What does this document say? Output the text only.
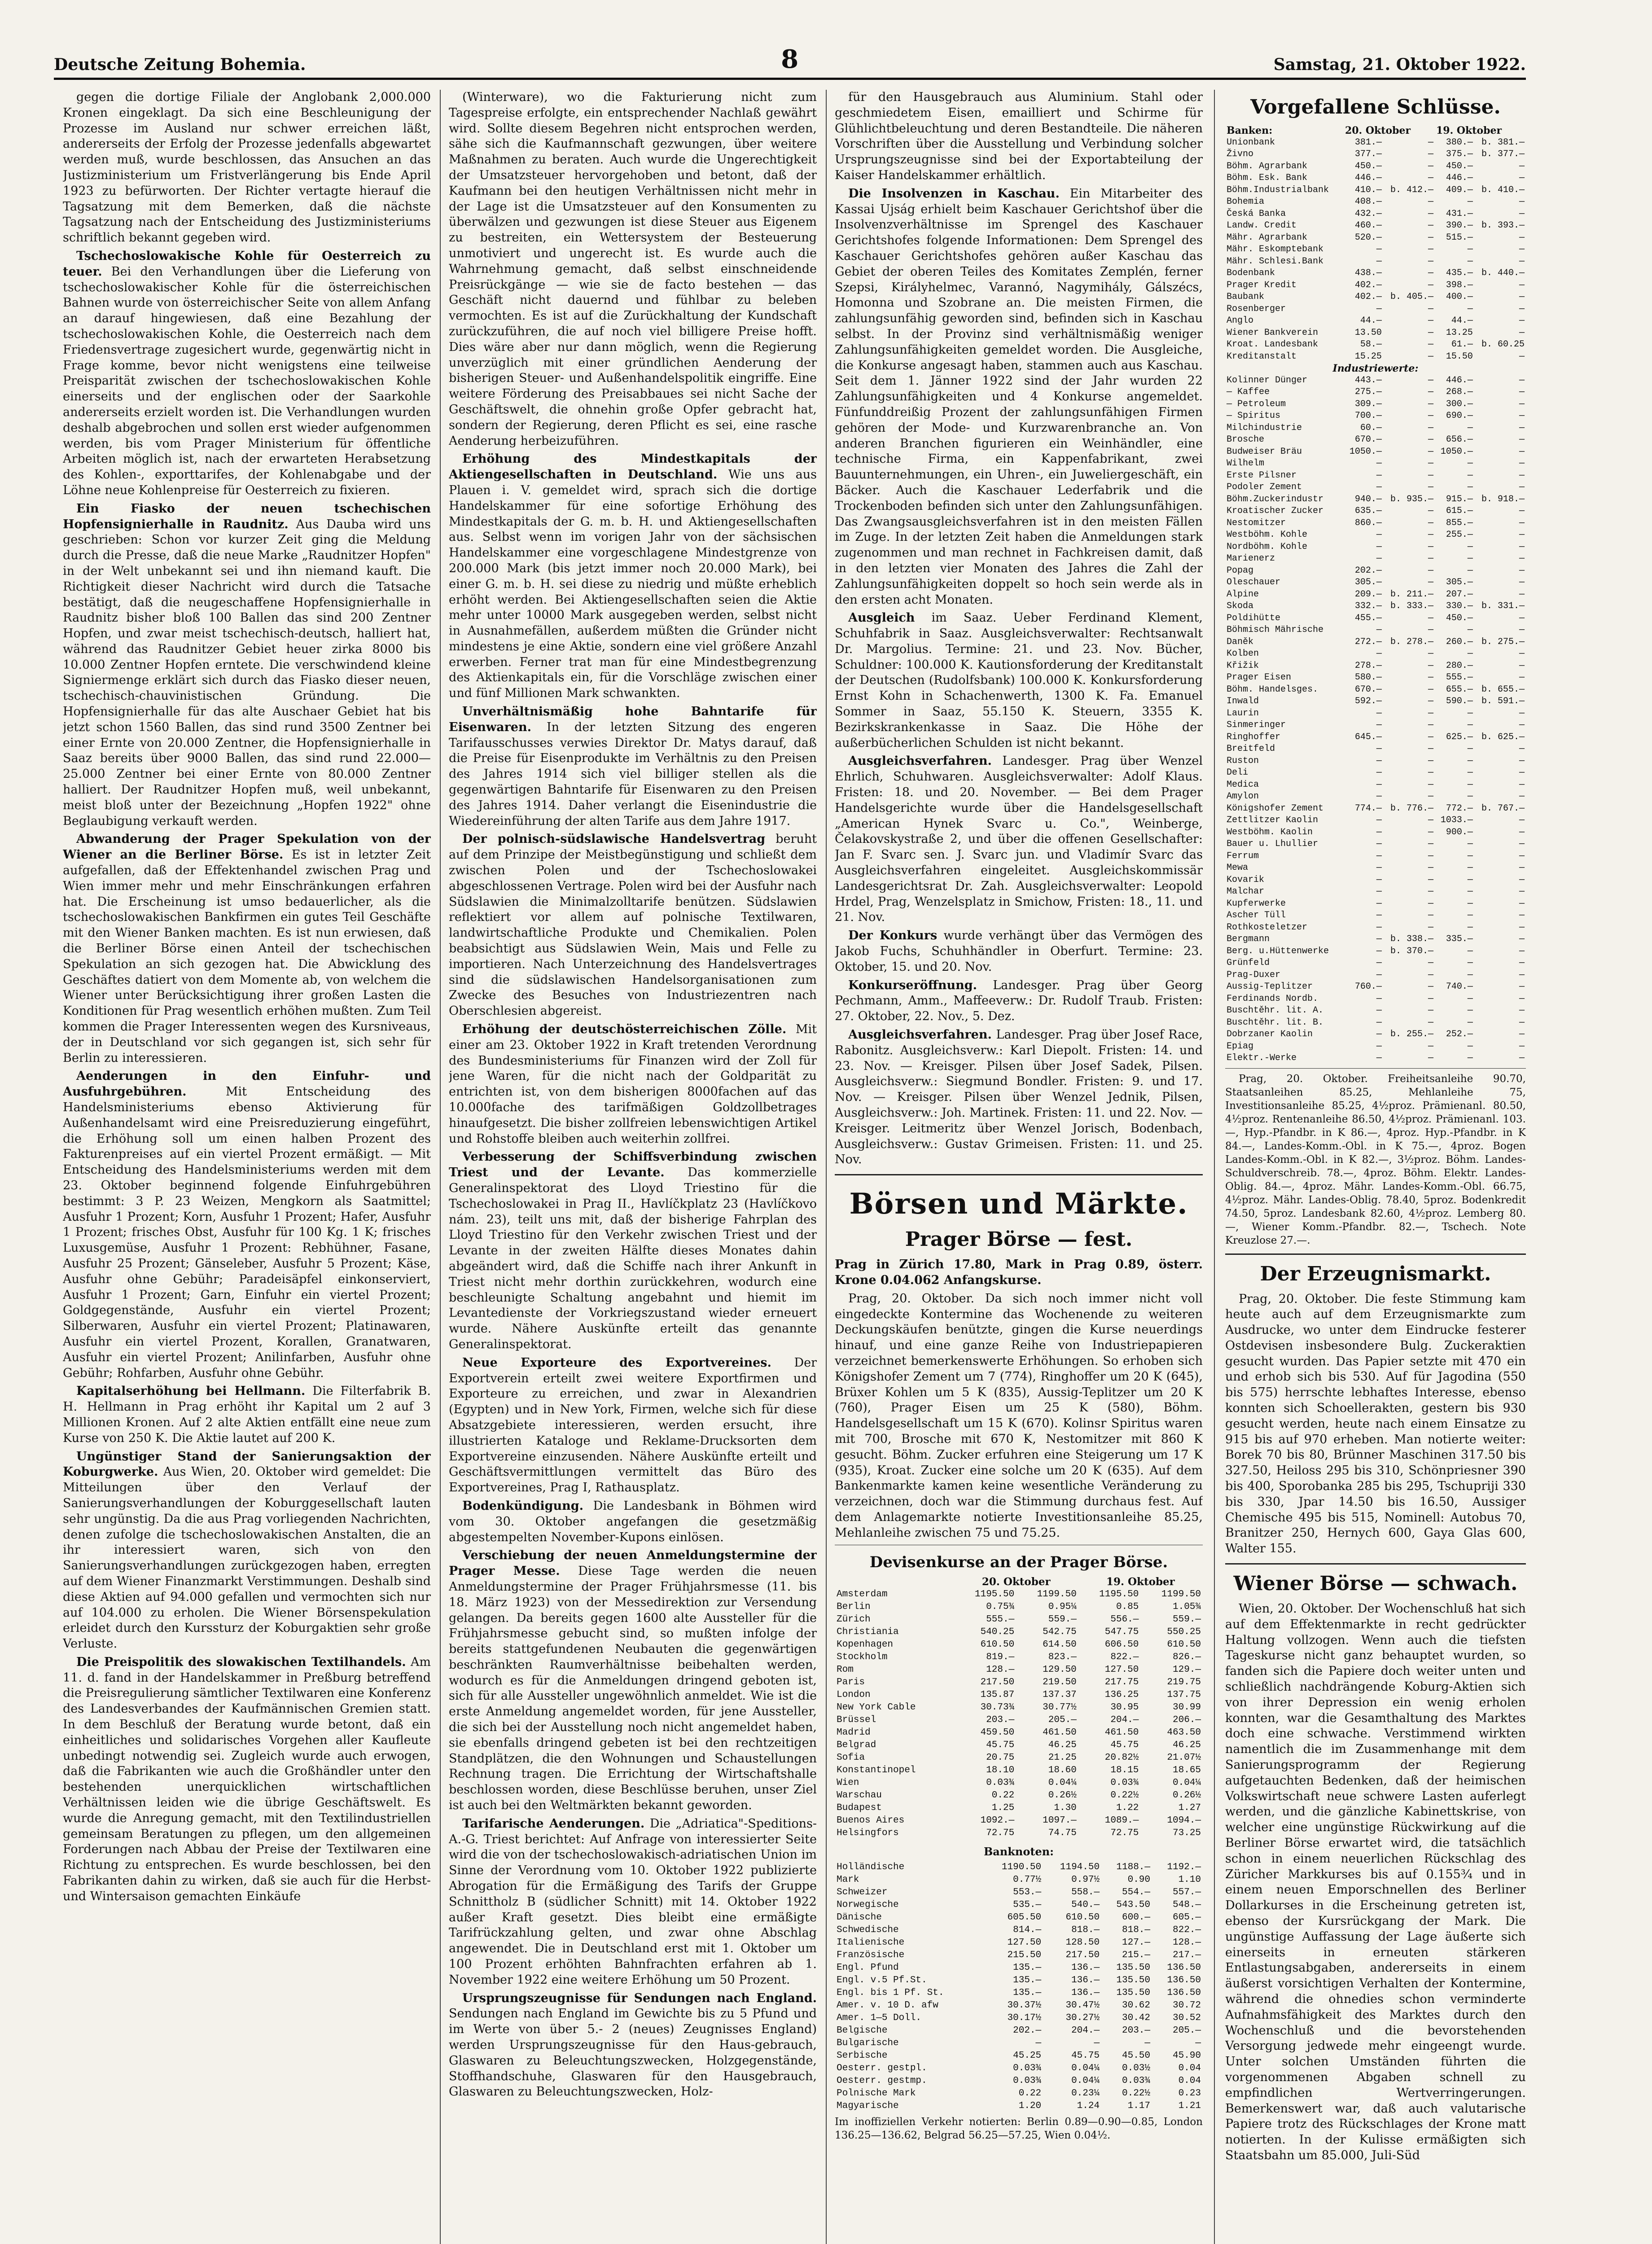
Deutsche Zeitung Bohemia.	8	Samstag, 21. Oktober 1922.

gegen die dortige Filiale der Anglobank 2,000.000 Kronen eingeklagt. Da sich eine Beschleunigung der Prozesse im Ausland nur schwer erreichen läßt, andererseits der Erfolg der Prozesse jedenfalls abgewartet werden muß, wurde beschlossen, das Ansuchen an das Justizministerium um Fristverlängerung bis Ende April 1923 zu befürworten. Der Richter vertagte hierauf die Tagsatzung mit dem Bemerken, daß die nächste Tagsatzung nach der Entscheidung des Justizministeriums schriftlich bekannt gegeben wird.

Tschechoslowakische Kohle für Oesterreich zu teuer. Bei den Verhandlungen über die Lieferung von tschechoslowakischer Kohle für die österreichischen Bahnen wurde von österreichischer Seite von allem Anfang an darauf hingewiesen, daß eine Bezahlung der tschechoslowakischen Kohle, die Oesterreich nach dem Friedensvertrage zugesichert wurde, gegenwärtig nicht in Frage komme, bevor nicht wenigstens eine teilweise Preisparität zwischen der tschechoslowakischen Kohle einerseits und der englischen oder der Saarkohle andererseits erzielt worden ist. Die Verhandlungen wurden deshalb abgebrochen und sollen erst wieder aufgenommen werden, bis vom Prager Ministerium für öffentliche Arbeiten möglich ist, nach der erwarteten Herabsetzung des Kohlen-, exporttarifes, der Kohlenabgabe und der Löhne neue Kohlenpreise für Oesterreich zu fixieren.

Ein Fiasko der neuen tschechischen Hopfensignierhalle in Raudnitz. Aus Dauba wird uns geschrieben: Schon vor kurzer Zeit ging die Meldung durch die Presse, daß die neue Marke „Raudnitzer Hopfen" in der Welt unbekannt sei und ihn niemand kauft. Die Richtigkeit dieser Nachricht wird durch die Tatsache bestätigt, daß die neugeschaffene Hopfensignierhalle in Raudnitz bisher bloß 100 Ballen das sind 200 Zentner Hopfen, und zwar meist tschechisch-deutsch, halliert hat, während das Raudnitzer Gebiet heuer zirka 8000 bis 10.000 Zentner Hopfen erntete. Die verschwindend kleine Signiermenge erklärt sich durch das Fiasko dieser neuen, tschechisch-chauvinistischen Gründung. Die Hopfensignierhalle für das alte Auschaer Gebiet hat bis jetzt schon 1560 Ballen, das sind rund 3500 Zentner bei einer Ernte von 20.000 Zentner, die Hopfensignierhalle in Saaz bereits über 9000 Ballen, das sind rund 22.000—25.000 Zentner bei einer Ernte von 80.000 Zentner halliert. Der Raudnitzer Hopfen muß, weil unbekannt, meist bloß unter der Bezeichnung „Hopfen 1922" ohne Beglaubigung verkauft werden.

Abwanderung der Prager Spekulation von der Wiener an die Berliner Börse. Es ist in letzter Zeit aufgefallen, daß der Effektenhandel zwischen Prag und Wien immer mehr und mehr Einschränkungen erfahren hat. Die Erscheinung ist umso bedauerlicher, als die tschechoslowakischen Bankfirmen ein gutes Teil Geschäfte mit den Wiener Banken machten. Es ist nun erwiesen, daß die Berliner Börse einen Anteil der tschechischen Spekulation an sich gezogen hat. Die Abwicklung des Geschäftes datiert von dem Momente ab, von welchem die Wiener unter Berücksichtigung ihrer großen Lasten die Konditionen für Prag wesentlich erhöhen mußten. Zum Teil kommen die Prager Interessenten wegen des Kursniveaus, der in Deutschland vor sich gegangen ist, sich sehr für Berlin zu interessieren.

Aenderungen in den Einfuhr- und Ausfuhrgebühren. Mit Entscheidung des Handelsministeriums ebenso Aktivierung für Außenhandelsamt wird eine Preisreduzierung eingeführt, die Erhöhung soll um einen halben Prozent des Fakturenpreises auf ein viertel Prozent ermäßigt. — Mit Entscheidung des Handelsministeriums werden mit dem 23. Oktober beginnend folgende Einfuhrgebühren bestimmt: 3 P. 23 Weizen, Mengkorn als Saatmittel; Ausfuhr 1 Prozent; Korn, Ausfuhr 1 Prozent; Hafer, Ausfuhr 1 Prozent; frisches Obst, Ausfuhr für 100 Kg. 1 K; frisches Luxusgemüse, Ausfuhr 1 Prozent: Rebhühner, Fasane, Ausfuhr 25 Prozent; Gänseleber, Ausfuhr 5 Prozent; Käse, Ausfuhr ohne Gebühr; Paradeisäpfel einkonserviert, Ausfuhr 1 Prozent; Garn, Einfuhr ein viertel Prozent; Goldgegenstände, Ausfuhr ein viertel Prozent; Silberwaren, Ausfuhr ein viertel Prozent; Platinawaren, Ausfuhr ein viertel Prozent, Korallen, Granatwaren, Ausfuhr ein viertel Prozent; Anilinfarben, Ausfuhr ohne Gebühr; Rohfarben, Ausfuhr ohne Gebühr.

Kapitalserhöhung bei Hellmann. Die Filterfabrik B. H. Hellmann in Prag erhöht ihr Kapital um 2 auf 3 Millionen Kronen. Auf 2 alte Aktien entfällt eine neue zum Kurse von 250 K. Die Aktie lautet auf 200 K.

Ungünstiger Stand der Sanierungsaktion der Koburgwerke. Aus Wien, 20. Oktober wird gemeldet: Die Mitteilungen über den Verlauf der Sanierungsverhandlungen der Koburggesellschaft lauten sehr ungünstig. Da die aus Prag vorliegenden Nachrichten, denen zufolge die tschechoslowakischen Anstalten, die an ihr interessiert waren, sich von den Sanierungsverhandlungen zurückgezogen haben, erregten auf dem Wiener Finanzmarkt Verstimmungen. Deshalb sind diese Aktien auf 94.000 gefallen und vermochten sich nur auf 104.000 zu erholen. Die Wiener Börsenspekulation erleidet durch den Kurssturz der Koburgaktien sehr große Verluste.

Die Preispolitik des slowakischen Textilhandels. Am 11. d. fand in der Handelskammer in Preßburg betreffend die Preisregulierung sämtlicher Textilwaren eine Konferenz des Landesverbandes der Kaufmännischen Gremien statt. In dem Beschluß der Beratung wurde betont, daß ein einheitliches und solidarisches Vorgehen aller Kaufleute unbedingt notwendig sei. Zugleich wurde auch erwogen, daß die Fabrikanten wie auch die Großhändler unter den bestehenden unerquicklichen wirtschaftlichen Verhältnissen leiden wie die übrige Geschäftswelt. Es wurde die Anregung gemacht, mit den Textilindustriellen gemeinsam Beratungen zu pflegen, um den allgemeinen Forderungen nach Abbau der Preise der Textilwaren eine Richtung zu entsprechen. Es wurde beschlossen, bei den Fabrikanten dahin zu wirken, daß sie auch für die Herbst- und Wintersaison gemachten Einkäufe

(Winterware), wo die Fakturierung nicht zum Tagespreise erfolgte, ein entsprechender Nachlaß gewährt wird. Sollte diesem Begehren nicht entsprochen werden, sähe sich die Kaufmannschaft gezwungen, über weitere Maßnahmen zu beraten. Auch wurde die Ungerechtigkeit der Umsatzsteuer hervorgehoben und betont, daß der Kaufmann bei den heutigen Verhältnissen nicht mehr in der Lage ist die Umsatzsteuer auf den Konsumenten zu überwälzen und gezwungen ist diese Steuer aus Eigenem zu bestreiten, ein Wettersystem der Besteuerung unmotiviert und ungerecht ist. Es wurde auch die Wahrnehmung gemacht, daß selbst einschneidende Preisrückgänge — wie sie de facto bestehen — das Geschäft nicht dauernd und fühlbar zu beleben vermochten. Es ist auf die Zurückhaltung der Kundschaft zurückzuführen, die auf noch viel billigere Preise hofft. Dies wäre aber nur dann möglich, wenn die Regierung unverzüglich mit einer gründlichen Aenderung der bisherigen Steuer- und Außenhandelspolitik eingriffe. Eine weitere Förderung des Preisabbaues sei nicht Sache der Geschäftswelt, die ohnehin große Opfer gebracht hat, sondern der Regierung, deren Pflicht es sei, eine rasche Aenderung herbeizuführen.

Erhöhung des Mindestkapitals der Aktiengesellschaften in Deutschland. Wie uns aus Plauen i. V. gemeldet wird, sprach sich die dortige Handelskammer für eine sofortige Erhöhung des Mindestkapitals der G. m. b. H. und Aktiengesellschaften aus. Selbst wenn im vorigen Jahr von der sächsischen Handelskammer eine vorgeschlagene Mindestgrenze von 200.000 Mark (bis jetzt immer noch 20.000 Mark), bei einer G. m. b. H. sei diese zu niedrig und müßte erheblich erhöht werden. Bei Aktiengesellschaften seien die Aktie mehr unter 10000 Mark ausgegeben werden, selbst nicht in Ausnahmefällen, außerdem müßten die Gründer nicht mindestens je eine Aktie, sondern eine viel größere Anzahl erwerben. Ferner trat man für eine Mindestbegrenzung des Aktienkapitals ein, für die Vorschläge zwischen einer und fünf Millionen Mark schwankten.

Unverhältnismäßig hohe Bahntarife für Eisenwaren. In der letzten Sitzung des engeren Tarifausschusses verwies Direktor Dr. Matys darauf, daß die Preise für Eisenprodukte im Verhältnis zu den Preisen des Jahres 1914 sich viel billiger stellen als die gegenwärtigen Bahntarife für Eisenwaren zu den Preisen des Jahres 1914. Daher verlangt die Eisenindustrie die Wiedereinführung der alten Tarife aus dem Jahre 1917.

Der polnisch-südslawische Handelsvertrag beruht auf dem Prinzipe der Meistbegünstigung und schließt dem zwischen Polen und der Tschechoslowakei abgeschlossenen Vertrage. Polen wird bei der Ausfuhr nach Südslawien die Minimalzolltarife benützen. Südslawien reflektiert vor allem auf polnische Textilwaren, landwirtschaftliche Produkte und Chemikalien. Polen beabsichtigt aus Südslawien Wein, Mais und Felle zu importieren. Nach Unterzeichnung des Handelsvertrages sind die südslawischen Handelsorganisationen zum Zwecke des Besuches von Industriezentren nach Oberschlesien abgereist.

Erhöhung der deutschösterreichischen Zölle. Mit einer am 23. Oktober 1922 in Kraft tretenden Verordnung des Bundesministeriums für Finanzen wird der Zoll für jene Waren, für die nicht nach der Goldparität zu entrichten ist, von dem bisherigen 8000fachen auf das 10.000fache des tarifmäßigen Goldzollbetrages hinaufgesetzt. Die bisher zollfreien lebenswichtigen Artikel und Rohstoffe bleiben auch weiterhin zollfrei.

Verbesserung der Schiffsverbindung zwischen Triest und der Levante. Das kommerzielle Generalinspektorat des Lloyd Triestino für die Tschechoslowakei in Prag II., Havlíčkplatz 23 (Havlíčkovo nám. 23), teilt uns mit, daß der bisherige Fahrplan des Lloyd Triestino für den Verkehr zwischen Triest und der Levante in der zweiten Hälfte dieses Monates dahin abgeändert wird, daß die Schiffe nach ihrer Ankunft in Triest nicht mehr dorthin zurückkehren, wodurch eine beschleunigte Schaltung angebahnt und hiemit im Levantedienste der Vorkriegszustand wieder erneuert wurde. Nähere Auskünfte erteilt das genannte Generalinspektorat.

Neue Exporteure des Exportvereines. Der Exportverein erteilt zwei weitere Exportfirmen und Exporteure zu erreichen, und zwar in Alexandrien (Egypten) und in New York, Firmen, welche sich für diese Absatzgebiete interessieren, werden ersucht, ihre illustrierten Kataloge und Reklame-Drucksorten dem Exportvereine einzusenden. Nähere Auskünfte erteilt und Geschäftsvermittlungen vermittelt das Büro des Exportvereines, Prag I, Rathausplatz.

Bodenkündigung. Die Landesbank in Böhmen wird vom 30. Oktober angefangen die gesetzmäßig abgestempelten November-Kupons einlösen.

Verschiebung der neuen Anmeldungstermine der Prager Messe. Diese Tage werden die neuen Anmeldungstermine der Prager Frühjahrsmesse (11. bis 18. März 1923) von der Messedirektion zur Versendung gelangen. Da bereits gegen 1600 alte Aussteller für die Frühjahrsmesse gebucht sind, so mußten infolge der bereits stattgefundenen Neubauten die gegenwärtigen beschränkten Raumverhältnisse beibehalten werden, wodurch es für die Anmeldungen dringend geboten ist, sich für alle Aussteller ungewöhnlich anmeldet. Wie ist die erste Anmeldung angemeldet worden, für jene Aussteller, die sich bei der Ausstellung noch nicht angemeldet haben, sie ebenfalls dringend gebeten ist bei den rechtzeitigen Standplätzen, die den Wohnungen und Schaustellungen Rechnung tragen. Die Errichtung der Wirtschaftshalle beschlossen worden, diese Beschlüsse beruhen, unser Ziel ist auch bei den Weltmärkten bekannt geworden.

Tarifarische Aenderungen. Die „Adriatica"-Speditions-A.-G. Triest berichtet: Auf Anfrage von interessierter Seite wird die von der tschechoslowakisch-adriatischen Union im Sinne der Verordnung vom 10. Oktober 1922 publizierte Abrogation für die Ermäßigung des Tarifs der Gruppe Schnittholz B (südlicher Schnitt) mit 14. Oktober 1922 außer Kraft gesetzt. Dies bleibt eine ermäßigte Tarifrückzahlung gelten, und zwar ohne Abschlag angewendet. Die in Deutschland erst mit 1. Oktober um 100 Prozent erhöhten Bahnfrachten erfahren ab 1. November 1922 eine weitere Erhöhung um 50 Prozent.

Ursprungszeugnisse für Sendungen nach England. Sendungen nach England im Gewichte bis zu 5 Pfund und im Werte von über 5.- 2 (neues) Zeugnisses England) werden Ursprungszeugnisse für den Haus-gebrauch, Glaswaren zu Beleuchtungszwecken, Holzgegenstände, Stoffhandschuhe, Glaswaren für den Hausgebrauch, Glaswaren zu Beleuchtungszwecken, Holz-

für den Hausgebrauch aus Aluminium. Stahl oder geschmiedetem Eisen, emailliert und Schirme für Glühlichtbeleuchtung und deren Bestandteile. Die näheren Vorschriften über die Ausstellung und Verbindung solcher Ursprungszeugnisse sind bei der Exportabteilung der Kaiser Handelskammer erhältlich.

Die Insolvenzen in Kaschau. Ein Mitarbeiter des Kassai Ujság erhielt beim Kaschauer Gerichtshof über die Insolvenzverhältnisse im Sprengel des Kaschauer Gerichtshofes folgende Informationen: Dem Sprengel des Kaschauer Gerichtshofes gehören außer Kaschau das Gebiet der oberen Teiles des Komitates Zemplén, ferner Szepsi, Királyhelmec, Varannó, Nagymihály, Gálszécs, Homonna und Szobrane an. Die meisten Firmen, die zahlungsunfähig geworden sind, befinden sich in Kaschau selbst. In der Provinz sind verhältnismäßig weniger Zahlungsunfähigkeiten gemeldet worden. Die Ausgleiche, die Konkurse angesagt haben, stammen auch aus Kaschau. Seit dem 1. Jänner 1922 sind der Jahr wurden 22 Zahlungsunfähigkeiten und 4 Konkurse angemeldet. Fünfunddreißig Prozent der zahlungsunfähigen Firmen gehören der Mode- und Kurzwarenbranche an. Von anderen Branchen figurieren ein Weinhändler, eine technische Firma, ein Kappenfabrikant, zwei Bauunternehmungen, ein Uhren-, ein Juweliergeschäft, ein Bäcker. Auch die Kaschauer Lederfabrik und die Trockenboden befinden sich unter den Zahlungsunfähigen. Das Zwangsausgleichsverfahren ist in den meisten Fällen im Zuge. In der letzten Zeit haben die Anmeldungen stark zugenommen und man rechnet in Fachkreisen damit, daß in den letzten vier Monaten des Jahres die Zahl der Zahlungsunfähigkeiten doppelt so hoch sein werde als in den ersten acht Monaten.

Ausgleich im Saaz. Ueber Ferdinand Klement, Schuhfabrik in Saaz. Ausgleichsverwalter: Rechtsanwalt Dr. Margolius. Termine: 21. und 23. Nov. Bücher, Schuldner: 100.000 K. Kautionsforderung der Kreditanstalt der Deutschen (Rudolfsbank) 100.000 K. Konkursforderung Ernst Kohn in Schachenwerth, 1300 K. Fa. Emanuel Sommer in Saaz, 55.150 K. Steuern, 3355 K. Bezirkskrankenkasse in Saaz. Die Höhe der außerbücherlichen Schulden ist nicht bekannt.

Ausgleichsverfahren. Landesger. Prag über Wenzel Ehrlich, Schuhwaren. Ausgleichsverwalter: Adolf Klaus. Fristen: 18. und 20. November. — Bei dem Prager Handelsgerichte wurde über die Handelsgesellschaft „American Hynek Svarc u. Co.", Weinberge, Čelakovskystraße 2, und über die offenen Gesellschafter: Jan F. Svarc sen. J. Svarc jun. und Vladimír Svarc das Ausgleichsverfahren eingeleitet. Ausgleichskommissär Landesgerichtsrat Dr. Zah. Ausgleichsverwalter: Leopold Hrdel, Prag, Wenzelsplatz in Smichow, Fristen: 18., 11. und 21. Nov.

Der Konkurs wurde verhängt über das Vermögen des Jakob Fuchs, Schuhhändler in Oberfurt. Termine: 23. Oktober, 15. und 20. Nov.

Konkurseröffnung. Landesger. Prag über Georg Pechmann, Amm., Maffeeverw.: Dr. Rudolf Traub. Fristen: 27. Oktober, 22. Nov., 5. Dez.

Ausgleichsverfahren. Landesger. Prag über Josef Race, Rabonitz. Ausgleichsverw.: Karl Diepolt. Fristen: 14. und 23. Nov. — Kreisger. Pilsen über Josef Sadek, Pilsen. Ausgleichsverw.: Siegmund Bondler. Fristen: 9. und 17. Nov. — Kreisger. Pilsen über Wenzel Jednik, Pilsen, Ausgleichsverw.: Joh. Martinek. Fristen: 11. und 22. Nov. — Kreisger. Leitmeritz über Wenzel Jorisch, Bodenbach, Ausgleichsverw.: Gustav Grimeisen. Fristen: 11. und 25. Nov.

Börsen und Märkte.
Prager Börse — fest.

Prag in Zürich 17.80, Mark in Prag 0.89, österr. Krone 0.04.062 Anfangskurse.

Prag, 20. Oktober. Da sich noch immer nicht voll eingedeckte Kontermine das Wochenende zu weiteren Deckungskäufen benützte, gingen die Kurse neuerdings hinauf, und eine ganze Reihe von Industriepapieren verzeichnet bemerkenswerte Erhöhungen. So erhoben sich Königshofer Zement um 7 (774), Ringhoffer um 20 K (645), Brüxer Kohlen um 5 K (835), Aussig-Teplitzer um 20 K (760), Prager Eisen um 25 K (580), Böhm. Handelsgesellschaft um 15 K (670). Kolinsr Spiritus waren mit 700, Brosche mit 670 K, Nestomitzer mit 860 K gesucht. Böhm. Zucker erfuhren eine Steigerung um 17 K (935), Kroat. Zucker eine solche um 20 K (635). Auf dem Bankenmarkte kamen keine wesentliche Veränderung zu verzeichnen, doch war die Stimmung durchaus fest. Auf dem Anlagemarkte notierte Investitionsanleihe 85.25, Mehlanleihe zwischen 75 und 75.25.

Devisenkurse an der Prager Börse.
	20. Oktober		19. Oktober	
Amsterdam	1195.50	1199.50	1195.50	1199.50
Berlin	0.75¾	0.95¼	0.85	1.05¾
Zürich	555.—	559.—	556.—	559.—
Christiania	540.25	542.75	547.75	550.25
Kopenhagen	610.50	614.50	606.50	610.50
Stockholm	819.—	823.—	822.—	826.—
Rom	128.—	129.50	127.50	129.—
Paris	217.50	219.50	217.75	219.75
London	135.87	137.37	136.25	137.75
New York Cable	30.73¾	30.77½	30.95	30.99
Brüssel	203.—	205.—	204.—	206.—
Madrid	459.50	461.50	461.50	463.50
Belgrad	45.75	46.25	45.75	46.25
Sofia	20.75	21.25	20.82½	21.07½
Konstantinopel	18.10	18.60	18.15	18.65
Wien	0.03¾	0.04¼	0.03¾	0.04¼
Warschau	0.22	0.26½	0.22½	0.26½
Budapest	1.25	1.30	1.22	1.27
Buenos Aires	1092.—	1097.—	1089.—	1094.—
Helsingfors	72.75	74.75	72.75	73.25
Banknoten:
Holländische	1190.50	1194.50	1188.—	1192.—
Mark	0.77½	0.97½	0.90	1.10
Schweizer	553.—	558.—	554.—	557.—
Norwegische	535.—	540.—	543.50	548.—
Dänische	605.50	610.50	600.—	605.—
Schwedische	814.—	818.—	818.—	822.—
Italienische	127.50	128.50	127.—	128.—
Französische	215.50	217.50	215.—	217.—
Engl. Pfund	135.—	136.—	135.50	136.50
Engl. v.5 Pf.St.	135.—	136.—	135.50	136.50
Engl. bis 1 Pf. St.	135.—	136.—	135.50	136.50
Amer. v. 10 D. afw	30.37½	30.47½	30.62	30.72
Amer. 1—5 Doll.	30.17½	30.27½	30.42	30.52
Belgische	202.—	204.—	203.—	205.—
Bulgarische	—	—	—	—
Serbische	45.25	45.75	45.50	45.90
Oesterr. gestpl.	0.03¾	0.04¼	0.03½	0.04
Oesterr. gestmp.	0.03¾	0.04¼	0.03¾	0.04
Polnische Mark	0.22	0.23¼	0.22½	0.23
Magyarische	1.20	1.24	1.17	1.21

Im inoffiziellen Verkehr notierten: Berlin 0.89—0.90—0.85, London 136.25—136.62, Belgrad 56.25—57.25, Wien 0.04½.

Vorgefallene Schlüsse.
Banken:	20. Oktober		19. Oktober	
Unionbank	381.—	—	380.—	b. 381.—
Živno	377.—	—	375.—	b. 377.—
Böhm. Agrarbank	450.—	—	450.—	—
Böhm. Esk. Bank	446.—	—	446.—	—
Böhm.Industrialbank	410.—	b. 412.—	409.—	b. 410.—
Bohemia	408.—	—	—	—
Česká Banka	432.—	—	431.—	—
Landw. Credit	460.—	—	390.—	b. 393.—
Mähr. Agrarbank	520.—	—	515.—	—
Mähr. Eskomptebank	—	—	—	—
Mähr. Schlesi.Bank	—	—	—	—
Bodenbank	438.—	—	435.—	b. 440.—
Prager Kredit	402.—	—	398.—	—
Baubank	402.—	b. 405.—	400.—	—
Rosenberger	—	—	—	—
Anglo	44.—	—	44.—	—
Wiener Bankverein	13.50	—	13.25	—
Kroat. Landesbank	58.—	—	61.—	b. 60.25
Kreditanstalt	15.25	—	15.50	—
Industriewerte:				
Kolinner Dünger	443.—	—	446.—	—
— Kaffee	275.—	—	268.—	—
— Petroleum	309.—	—	300.—	—
— Spiritus	700.—	—	690.—	—
Milchindustrie	60.—	—	—	—
Brosche	670.—	—	656.—	—
Budweiser Bräu	1050.—	—	1050.—	—
Wilhelm	—	—	—	—
Erste Pilsner	—	—	—	—
Podoler Zement	—	—	—	—
Böhm.Zuckerindustr	940.—	b. 935.—	915.—	b. 918.—
Kroatischer Zucker	635.—	—	615.—	—
Nestomitzer	860.—	—	855.—	—
Westböhm. Kohle	—	—	255.—	—
Nordböhm. Kohle	—	—	—	—
Marienerz	—	—	—	—
Popag	202.—	—	—	—
Oleschauer	305.—	—	305.—	—
Alpine	209.—	b. 211.—	207.—	—
Skoda	332.—	b. 333.—	330.—	b. 331.—
Poldihütte	455.—	—	450.—	—
Böhmisch Mährische	—	—	—	—
Daněk	272.—	b. 278.—	260.—	b. 275.—
Kolben	—	—	—	—
Křižik	278.—	—	280.—	—
Prager Eisen	580.—	—	555.—	—
Böhm. Handelsges.	670.—	—	655.—	b. 655.—
Inwald	592.—	—	590.—	b. 591.—
Laurin	—	—	—	—
Sinmeringer	—	—	—	—
Ringhoffer	645.—	—	625.—	b. 625.—
Breitfeld	—	—	—	—
Ruston	—	—	—	—
Deli	—	—	—	—
Medica	—	—	—	—
Amylon	—	—	—	—
Königshofer Zement	774.—	b. 776.—	772.—	b. 767.—
Zettlitzer Kaolin	—	—	1033.—	—
Westböhm. Kaolin	—	—	900.—	—
Bauer u. Lhullier	—	—	—	—
Ferrum	—	—	—	—
Mewa	—	—	—	—
Kovarik	—	—	—	—
Malchar	—	—	—	—
Kupferwerke	—	—	—	—
Ascher Tüll	—	—	—	—
Rothkosteletzer	—	—	—	—
Bergmann	—	b. 338.—	335.—	—
Berg. u.Hüttenwerke	—	b. 370.—	—	—
Grünfeld	—	—	—	—
Prag-Duxer	—	—	—	—
Aussig-Teplitzer	760.—	—	740.—	—
Ferdinands Nordb.	—	—	—	—
Buschtěhr. lit. A.	—	—	—	—
Buschtěhr. lit. B.	—	—	—	—
Dobrzaner Kaolin	—	b. 255.—	252.—	—
Epiag	—	—	—	—
Elektr.-Werke	—	—	—	—

Prag, 20. Oktober. Freiheitsanleihe 90.70, Staatsanleihen 85.25, Mehlanleihe 75, Investitionsanleihe 85.25, 4½proz. Prämienanl. 80.50, 4½proz. Rentenanleihe 86.50, 4½proz. Prämienanl. 103.—, Hyp.-Pfandbr. in K 86.—, 4proz. Hyp.-Pfandbr. in K 84.—, Landes-Komm.-Obl. in K 75.—, 4proz. Bogen Landes-Komm.-Obl. in K 82.—, 3½proz. Böhm. Landes-Schuldverschreib. 78.—, 4proz. Böhm. Elektr. Landes-Oblig. 84.—, 4proz. Mähr. Landes-Komm.-Obl. 66.75, 4½proz. Mähr. Landes-Oblig. 78.40, 5proz. Bodenkredit 74.50, 5proz. Landesbank 82.60, 4½proz. Lemberg 80.—, Wiener Komm.-Pfandbr. 82.—, Tschech. Note Kreuzlose 27.—.

Der Erzeugnismarkt.

Prag, 20. Oktober. Die feste Stimmung kam heute auch auf dem Erzeugnismarkte zum Ausdrucke, wo unter dem Eindrucke festerer Ostdevisen insbesondere Bulg. Zuckeraktien gesucht wurden. Das Papier setzte mit 470 ein und erhob sich bis 530. Auf für Jagodina (550 bis 575) herrschte lebhaftes Interesse, ebenso konnten sich Schoellerakten, gestern bis 930 gesucht werden, heute nach einem Einsatze zu 915 bis auf 970 erheben. Man notierte weiter: Borek 70 bis 80, Brünner Maschinen 317.50 bis 327.50, Heiloss 295 bis 310, Schönpriesner 390 bis 400, Sporobanka 285 bis 295, Tschupriji 330 bis 330, Jpar 14.50 bis 16.50, Aussiger Chemische 495 bis 515, Nominell: Autobus 70, Branitzer 250, Hernych 600, Gaya Glas 600, Walter 155.

Wiener Börse — schwach.

Wien, 20. Oktober. Der Wochenschluß hat sich auf dem Effektenmarkte in recht gedrückter Haltung vollzogen. Wenn auch die tiefsten Tageskurse nicht ganz behauptet wurden, so fanden sich die Papiere doch weiter unten und schließlich nachdrängende Koburg-Aktien sich von ihrer Depression ein wenig erholen konnten, war die Gesamthaltung des Marktes doch eine schwache. Verstimmend wirkten namentlich die im Zusammenhange mit dem Sanierungsprogramm der Regierung aufgetauchten Bedenken, daß der heimischen Volkswirtschaft neue schwere Lasten auferlegt werden, und die gänzliche Kabinettskrise, von welcher eine ungünstige Rückwirkung auf die Berliner Börse erwartet wird, die tatsächlich schon in einem neuerlichen Rückschlag des Züricher Markkurses bis auf 0.155¾ und in einem neuen Emporschnellen des Berliner Dollarkurses in die Erscheinung getreten ist, ebenso der Kursrückgang der Mark. Die ungünstige Auffassung der Lage äußerte sich einerseits in erneuten stärkeren Entlastungsabgaben, andererseits in einem äußerst vorsichtigen Verhalten der Kontermine, während die ohnedies schon verminderte Aufnahmsfähigkeit des Marktes durch den Wochenschluß und die bevorstehenden Versorgung jedwede mehr eingeengt wurde. Unter solchen Umständen führten die vorgenommenen Abgaben schnell zu empfindlichen Wertverringerungen. Bemerkenswert war, daß auch valutarische Papiere trotz des Rückschlages der Krone matt notierten. In der Kulisse ermäßigten sich Staatsbahn um 85.000, Juli-Süd
